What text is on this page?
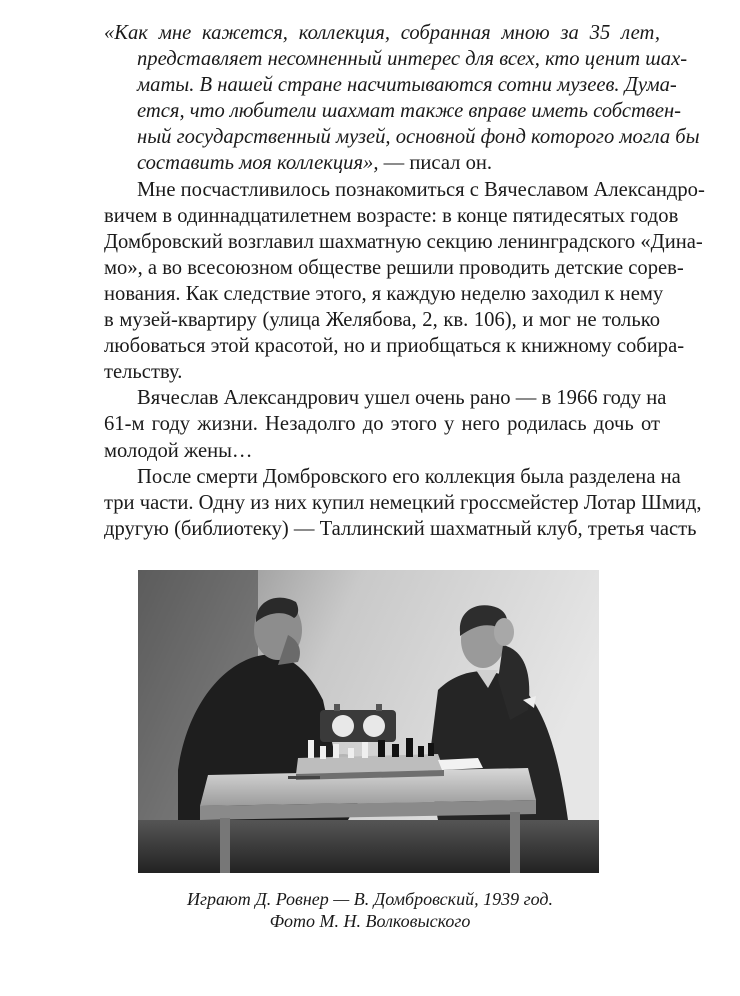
«Как мне кажется, коллекция, собранная мною за 35 лет,
представляет несомненный интерес для всех, кто ценит шах-
маты. В нашей стране насчитываются сотни музеев. Дума-
ется, что любители шахмат также вправе иметь собствен-
ный государственный музей, основной фонд которого могла бы
составить моя коллекция», — писал он.
Мне посчастливилось познакомиться с Вячеславом Александро-
вичем в одиннадцатилетнем возрасте: в конце пятидесятых годов
Домбровский возглавил шахматную секцию ленинградского «Дина-
мо», а во всесоюзном обществе решили проводить детские сорев-
нования. Как следствие этого, я каждую неделю заходил к нему
в музей-квартиру (улица Желябова, 2, кв. 106), и мог не только
любоваться этой красотой, но и приобщаться к книжному собира-
тельству.
Вячеслав Александрович ушел очень рано — в 1966 году на
61-м году жизни. Незадолго до этого у него родилась дочь от
молодой жены…
После смерти Домбровского его коллекция была разделена на
три части. Одну из них купил немецкий гроссмейстер Лотар Шмид,
другую (библиотеку) — Таллинский шахматный клуб, третья часть
Играют Д. Ровнер — В. Домбровский, 1939 год.
Фото М. Н. Волковыского
